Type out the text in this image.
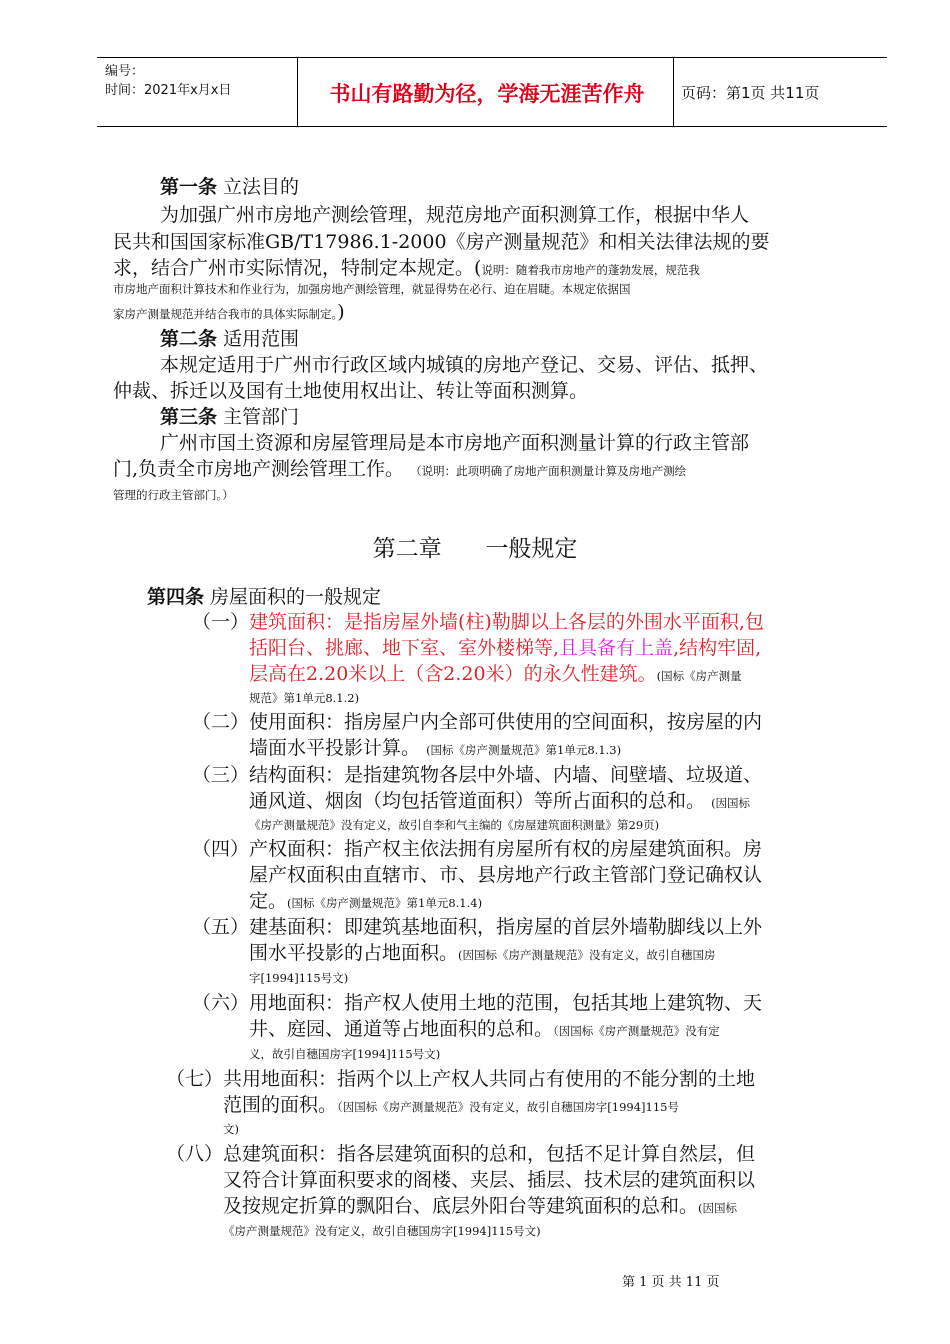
编号：
时间：2021年x月x日	书山有路勤为径，学海无涯苦作舟	页码：第1页 共11页
第一条 立法目的
为加强广州市房地产测绘管理，规范房地产面积测算工作，根据中华人
民共和国国家标准GB/T17986.1-2000《房产测量规范》和相关法律法规的要
求，结合广州市实际情况，特制定本规定。(说明：随着我市房地产的蓬勃发展，规范我
市房地产面积计算技术和作业行为，加强房地产测绘管理，就显得势在必行、迫在眉睫。本规定依据国
家房产测量规范并结合我市的具体实际制定。)
第二条 适用范围
本规定适用于广州市行政区域内城镇的房地产登记、交易、评估、抵押、
仲裁、拆迁以及国有土地使用权出让、转让等面积测算。
第三条 主管部门
广州市国土资源和房屋管理局是本市房地产面积测量计算的行政主管部
门,负责全市房地产测绘管理工作。 （说明：此项明确了房地产面积测量计算及房地产测绘
管理的行政主管部门。）
第二章      一般规定
第四条 房屋面积的一般规定
（一）建筑面积：是指房屋外墙(柱)勒脚以上各层的外围水平面积,包
括阳台、挑廊、地下室、室外楼梯等,且具备有上盖,结构牢固,
层高在2.20米以上（含2.20米）的永久性建筑。(国标《房产测量
规范》第1单元8.1.2)
（二）使用面积：指房屋户内全部可供使用的空间面积，按房屋的内
墙面水平投影计算。 (国标《房产测量规范》第1单元8.1.3)
（三）结构面积：是指建筑物各层中外墙、内墙、间壁墙、垃圾道、
通风道、烟囱（均包括管道面积）等所占面积的总和。 (因国标
《房产测量规范》没有定义，故引自李和气主编的《房屋建筑面积测量》第29页)
（四）产权面积：指产权主依法拥有房屋所有权的房屋建筑面积。房
屋产权面积由直辖市、市、县房地产行政主管部门登记确权认
定。(国标《房产测量规范》第1单元8.1.4)
（五）建基面积：即建筑基地面积，指房屋的首层外墙勒脚线以上外
围水平投影的占地面积。(因国标《房产测量规范》没有定义，故引自穗国房
字[1994]115号文)
（六）用地面积：指产权人使用土地的范围，包括其地上建筑物、天
井、庭园、通道等占地面积的总和。（因国标《房产测量规范》没有定
义，故引自穗国房字[1994]115号文)
（七）共用地面积：指两个以上产权人共同占有使用的不能分割的土地
范围的面积。（因国标《房产测量规范》没有定义，故引自穗国房字[1994]115号
文)
（八）总建筑面积：指各层建筑面积的总和，包括不足计算自然层，但
又符合计算面积要求的阁楼、夹层、插层、技术层的建筑面积以
及按规定折算的飘阳台、底层外阳台等建筑面积的总和。(因国标
《房产测量规范》没有定义，故引自穗国房字[1994]115号文)
第 1 页 共 11 页
